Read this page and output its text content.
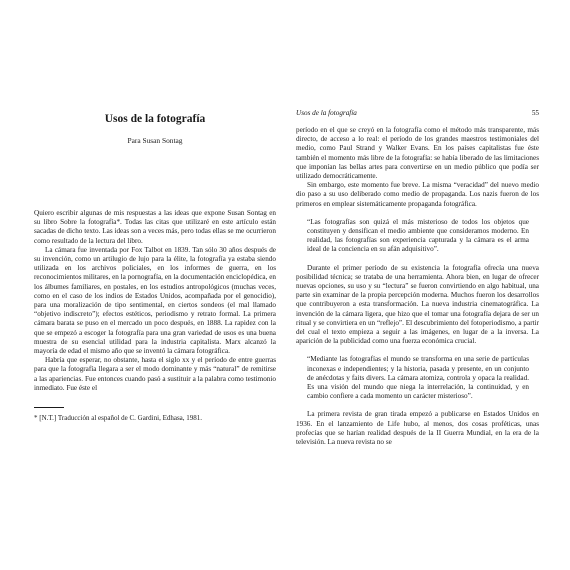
Usos de la fotografía

Para Susan Sontag

Quiero escribir algunas de mis respuestas a las ideas que expone Susan Sontag en su libro Sobre la fotografía*. Todas las citas que utilizaré en este artículo están sacadas de dicho texto. Las ideas son a veces más, pero todas ellas se me ocurrieron como resultado de la lectura del libro.

La cámara fue inventada por Fox Talbot en 1839. Tan sólo 30 años después de su invención, como un artilugio de lujo para la élite, la fotografía ya estaba siendo utilizada en los archivos policiales, en los informes de guerra, en los reconocimientos militares, en la pornografía, en la documentación enciclopédica, en los álbumes familiares, en postales, en los estudios antropológicos (muchas veces, como en el caso de los indios de Estados Unidos, acompañada por el genocidio), para una moralización de tipo sentimental, en ciertos sondeos (el mal llamado “objetivo indiscreto”); efectos estéticos, periodismo y retrato formal. La primera cámara barata se puso en el mercado un poco después, en 1888. La rapidez con la que se empezó a escoger la fotografía para una gran variedad de usos es una buena muestra de su esencial utilidad para la industria capitalista. Marx alcanzó la mayoría de edad el mismo año que se inventó la cámara fotográfica.

Habría que esperar, no obstante, hasta el siglo xx y el período de entre guerras para que la fotografía llegara a ser el modo dominante y más “natural” de remitirse a las apariencias. Fue entonces cuando pasó a sustituir a la palabra como testimonio inmediato. Fue éste el

* [N.T.] Traducción al español de C. Gardini, Edhasa, 1981.

Usos de la fotografía	55

período en el que se creyó en la fotografía como el método más transparente, más directo, de acceso a lo real: el período de los grandes maestros testimoniales del medio, como Paul Strand y Walker Evans. En los países capitalistas fue éste también el momento más libre de la fotografía: se había liberado de las limitaciones que imponían las bellas artes para convertirse en un medio público que podía ser utilizado democráticamente.

Sin embargo, este momento fue breve. La misma “veracidad” del nuevo medio dio paso a su uso deliberado como medio de propaganda. Los nazis fueron de los primeros en emplear sistemáticamente propaganda fotográfica.

“Las fotografías son quizá el más misterioso de todos los objetos que constituyen y densifican el medio ambiente que consideramos moderno. En realidad, las fotografías son experiencia capturada y la cámara es el arma ideal de la conciencia en su afán adquisitivo”.

Durante el primer período de su existencia la fotografía ofrecía una nueva posibilidad técnica; se trataba de una herramienta. Ahora bien, en lugar de ofrecer nuevas opciones, su uso y su “lectura” se fueron convirtiendo en algo habitual, una parte sin examinar de la propia percepción moderna. Muchos fueron los desarrollos que contribuyeron a esta transformación. La nueva industria cinematográfica. La invención de la cámara ligera, que hizo que el tomar una fotografía dejara de ser un ritual y se convirtiera en un “reflejo”. El descubrimiento del fotoperiodismo, a partir del cual el texto empieza a seguir a las imágenes, en lugar de a la inversa. La aparición de la publicidad como una fuerza económica crucial.

“Mediante las fotografías el mundo se transforma en una serie de partículas inconexas e independientes; y la historia, pasada y presente, en un conjunto de anécdotas y faits divers. La cámara atomiza, controla y opaca la realidad. Es una visión del mundo que niega la interrelación, la continuidad, y en cambio confiere a cada momento un carácter misterioso”.

La primera revista de gran tirada empezó a publicarse en Estados Unidos en 1936. En el lanzamiento de Life hubo, al menos, dos cosas proféticas, unas profecías que se harían realidad después de la II Guerra Mundial, en la era de la televisión. La nueva revista no se
